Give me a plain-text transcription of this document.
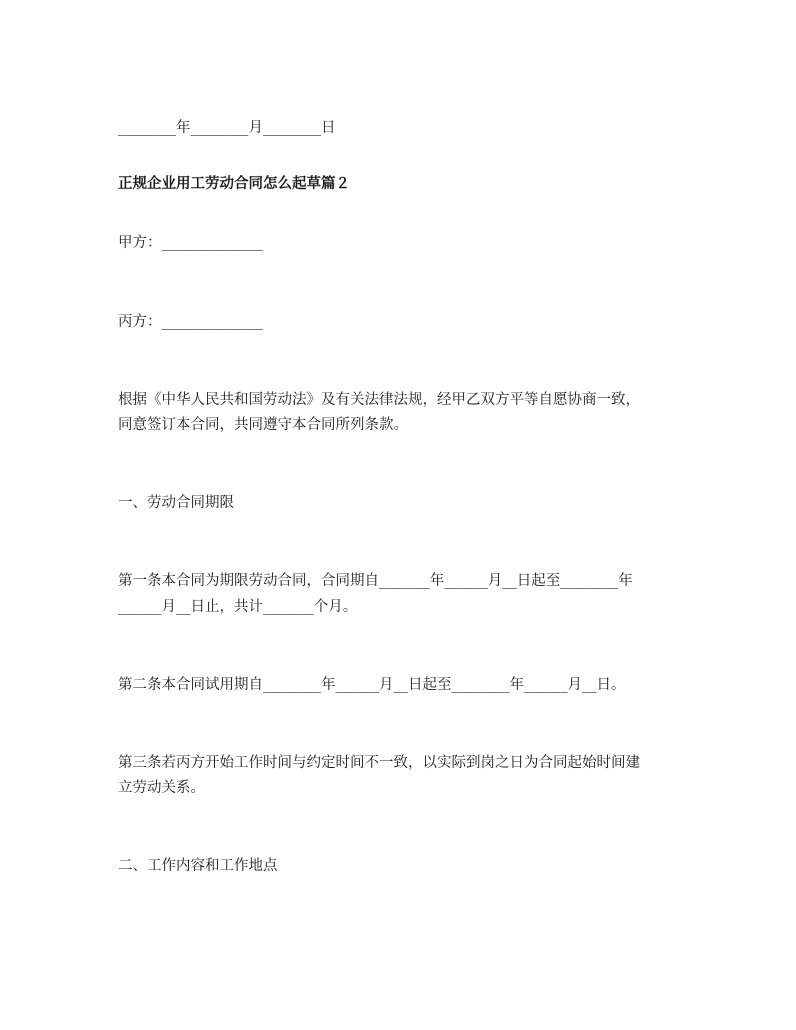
________年________月________日
正规企业用工劳动合同怎么起草篇２
甲方：______________
丙方：______________
根据《中华人民共和国劳动法》及有关法律法规，经甲乙双方平等自愿协商一致，
同意签订本合同，共同遵守本合同所列条款。
一、劳动合同期限
第一条本合同为期限劳动合同，合同期自_______年______月__日起至________年
______月__日止，共计_______个月。
第二条本合同试用期自________年______月__日起至________年______月__日。
第三条若丙方开始工作时间与约定时间不一致，以实际到岗之日为合同起始时间建
立劳动关系。
二、工作内容和工作地点
